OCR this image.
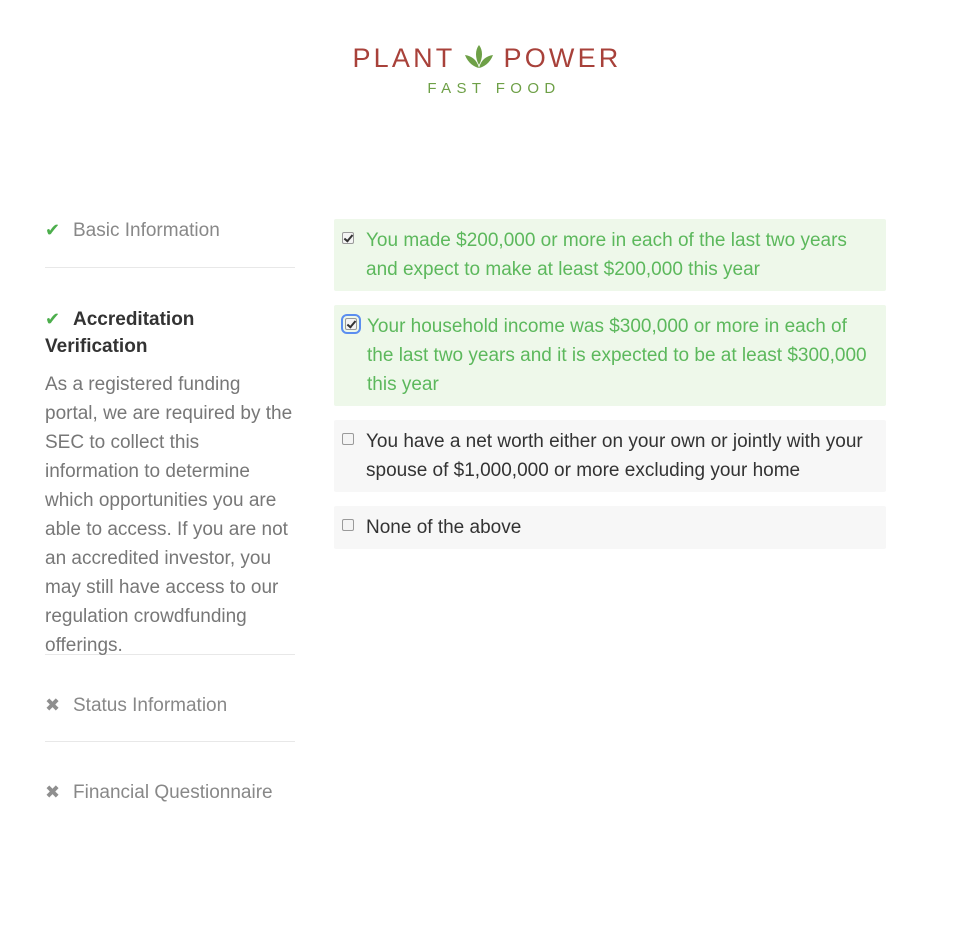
PLANT POWER
FAST FOOD
✔ Basic Information
✔ Accreditation Verification
As a registered funding portal, we are required by the SEC to collect this information to determine which opportunities you are able to access. If you are not an accredited investor, you may still have access to our regulation crowdfunding offerings.
✖ Status Information
✖ Financial Questionnaire
You made $200,000 or more in each of the last two years and expect to make at least $200,000 this year
Your household income was $300,000 or more in each of the last two years and it is expected to be at least $300,000 this year
You have a net worth either on your own or jointly with your spouse of $1,000,000 or more excluding your home
None of the above
